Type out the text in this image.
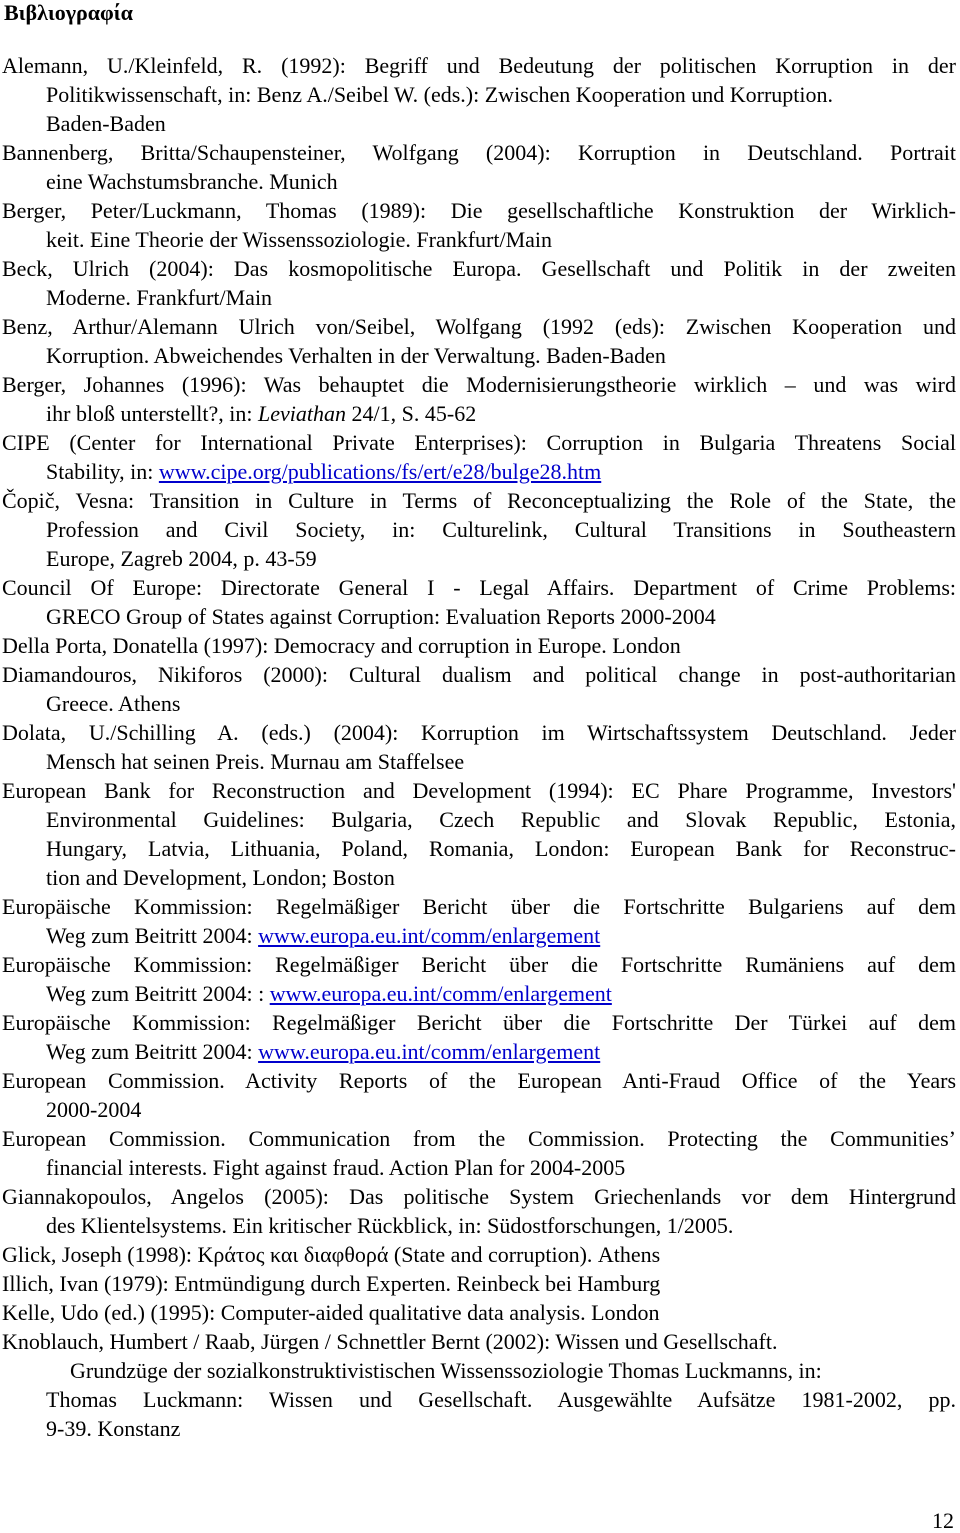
Βιβλιογραφία
Alemann, U./Kleinfeld, R. (1992): Begriff und Bedeutung der politischen Korruption in der
Politikwissenschaft, in: Benz A./Seibel W. (eds.): Zwischen Kooperation und Korruption.
Baden-Baden
Bannenberg, Britta/Schaupensteiner, Wolfgang (2004): Korruption in Deutschland. Portrait
eine Wachstumsbranche. Munich
Berger, Peter/Luckmann, Thomas (1989): Die gesellschaftliche Konstruktion der Wirklich-
keit. Eine Theorie der Wissenssoziologie. Frankfurt/Main
Beck, Ulrich (2004): Das kosmopolitische Europa. Gesellschaft und Politik in der zweiten
Moderne. Frankfurt/Main
Benz, Arthur/Alemann Ulrich von/Seibel, Wolfgang (1992 (eds): Zwischen Kooperation und
Korruption. Abweichendes Verhalten in der Verwaltung. Baden-Baden
Berger, Johannes (1996): Was behauptet die Modernisierungstheorie wirklich – und was wird
ihr bloß unterstellt?, in: Leviathan 24/1, S. 45-62
CIPE (Center for International Private Enterprises): Corruption in Bulgaria Threatens Social
Stability, in: www.cipe.org/publications/fs/ert/e28/bulge28.htm
Čopič, Vesna: Transition in Culture in Terms of Reconceptualizing the Role of the State, the
Profession and Civil Society, in: Culturelink, Cultural Transitions in Southeastern
Europe, Zagreb 2004, p. 43-59
Council Of Europe: Directorate General I - Legal Affairs. Department of Crime Problems:
GRECO Group of States against Corruption: Evaluation Reports 2000-2004
Della Porta, Donatella (1997): Democracy and corruption in Europe. London
Diamandouros, Nikiforos (2000): Cultural dualism and political change in post-authoritarian
Greece. Athens
Dolata, U./Schilling A. (eds.) (2004): Korruption im Wirtschaftssystem Deutschland. Jeder
Mensch hat seinen Preis. Murnau am Staffelsee
European Bank for Reconstruction and Development (1994): EC Phare Programme, Investors'
Environmental Guidelines: Bulgaria, Czech Republic and Slovak Republic, Estonia,
Hungary, Latvia, Lithuania, Poland, Romania, London: European Bank for Reconstruc-
tion and Development, London; Boston
Europäische Kommission: Regelmäßiger Bericht über die Fortschritte Bulgariens auf dem
Weg zum Beitritt 2004: www.europa.eu.int/comm/enlargement
Europäische Kommission: Regelmäßiger Bericht über die Fortschritte Rumäniens auf dem
Weg zum Beitritt 2004: : www.europa.eu.int/comm/enlargement
Europäische Kommission: Regelmäßiger Bericht über die Fortschritte Der Türkei auf dem
Weg zum Beitritt 2004: www.europa.eu.int/comm/enlargement
European Commission. Activity Reports of the European Anti-Fraud Office of the Years
2000-2004
European Commission. Communication from the Commission. Protecting the Communities’
financial interests. Fight against fraud. Action Plan for 2004-2005
Giannakopoulos, Angelos (2005): Das politische System Griechenlands vor dem Hintergrund
des Klientelsystems. Ein kritischer Rückblick, in: Südostforschungen, 1/2005.
Glick, Joseph (1998): Κράτος και διαφθορά (State and corruption). Athens
Illich, Ivan (1979): Entmündigung durch Experten. Reinbeck bei Hamburg
Kelle, Udo (ed.) (1995): Computer-aided qualitative data analysis. London
Knoblauch, Humbert / Raab, Jürgen / Schnettler Bernt (2002): Wissen und Gesellschaft.
Grundzüge der sozialkonstruktivistischen Wissenssoziologie Thomas Luckmanns, in:
Thomas Luckmann: Wissen und Gesellschaft. Ausgewählte Aufsätze 1981-2002, pp.
9-39. Konstanz
12
